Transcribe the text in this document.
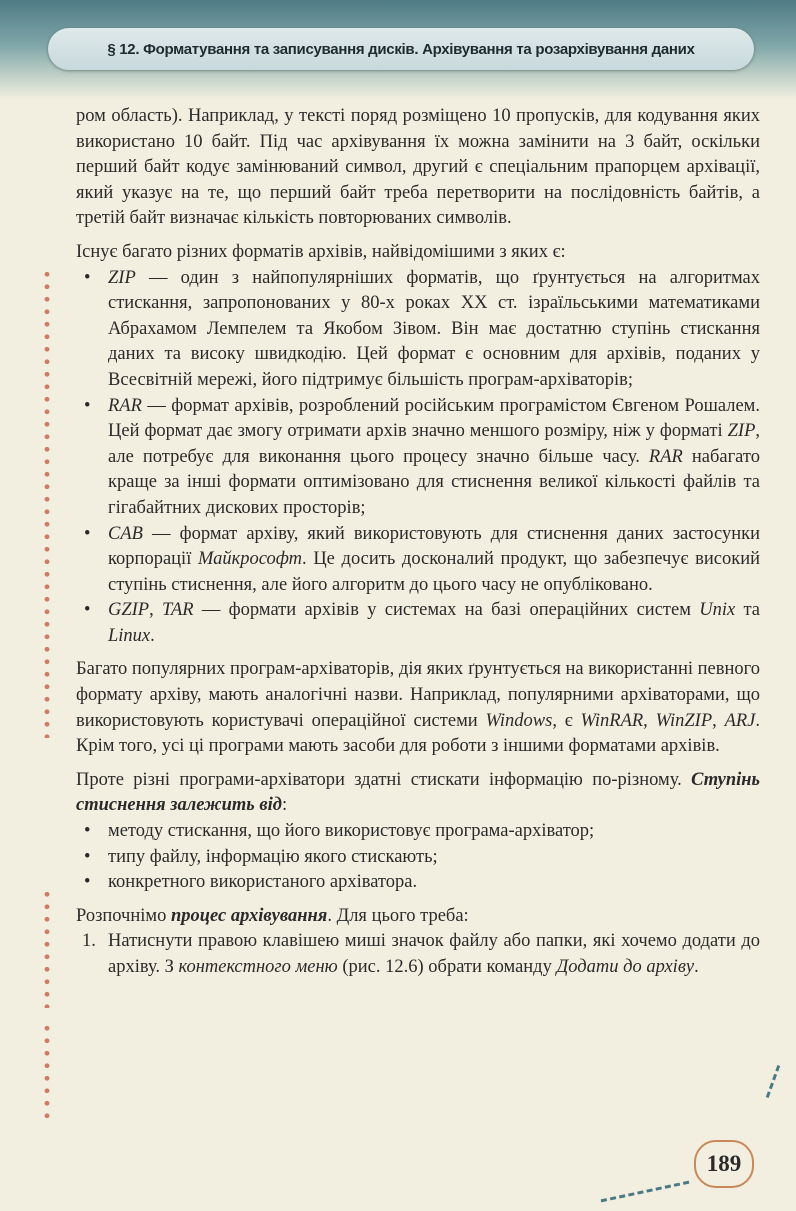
§ 12. Форматування та записування дисків. Архівування та розархівування даних

ром область). Наприклад, у тексті поряд розміщено 10 пропусків, для кодування яких використано 10 байт. Під час архівування їх можна замінити на 3 байт, оскільки перший байт кодує замінюваний символ, другий є спеціальним прапорцем архівації, який указує на те, що перший байт треба перетворити на послідовність байтів, а третій байт визначає кількість повторюваних символів.

Існує багато різних форматів архівів, найвідомішими з яких є:

• ZIP — один з найпопулярніших форматів, що ґрунтується на алгоритмах стискання, запропонованих у 80-х роках XX ст. ізраїльськими математиками Абрахамом Лемпелем та Якобом Зівом. Він має достатню ступінь стискання даних та високу швидкодію. Цей формат є основним для архівів, поданих у Всесвітній мережі, його підтримує більшість програм-архіваторів;
• RAR — формат архівів, розроблений російським програмістом Євгеном Рошалем. Цей формат дає змогу отримати архів значно меншого розміру, ніж у форматі ZIP, але потребує для виконання цього процесу значно більше часу. RAR набагато краще за інші формати оптимізовано для стиснення великої кількості файлів та гігабайтних дискових просторів;
• CAB — формат архіву, який використовують для стиснення даних застосунки корпорації Майкрософт. Це досить досконалий продукт, що забезпечує високий ступінь стиснення, але його алгоритм до цього часу не опубліковано.
• GZIP, TAR — формати архівів у системах на базі операційних систем Unix та Linux.

Багато популярних програм-архіваторів, дія яких ґрунтується на використанні певного формату архіву, мають аналогічні назви. Наприклад, популярними архіваторами, що використовують користувачі операційної системи Windows, є WinRAR, WinZIP, ARJ. Крім того, усі ці програми мають засоби для роботи з іншими форматами архівів.

Проте різні програми-архіватори здатні стискати інформацію по-різному. Ступінь стиснення залежить від:

• методу стискання, що його використовує програма-архіватор;
• типу файлу, інформацію якого стискають;
• конкретного використаного архіватора.

Розпочнімо процес архівування. Для цього треба:

1. Натиснути правою клавішею миші значок файлу або папки, які хочемо додати до архіву. З контекстного меню (рис. 12.6) обрати команду Додати до архіву.
189
